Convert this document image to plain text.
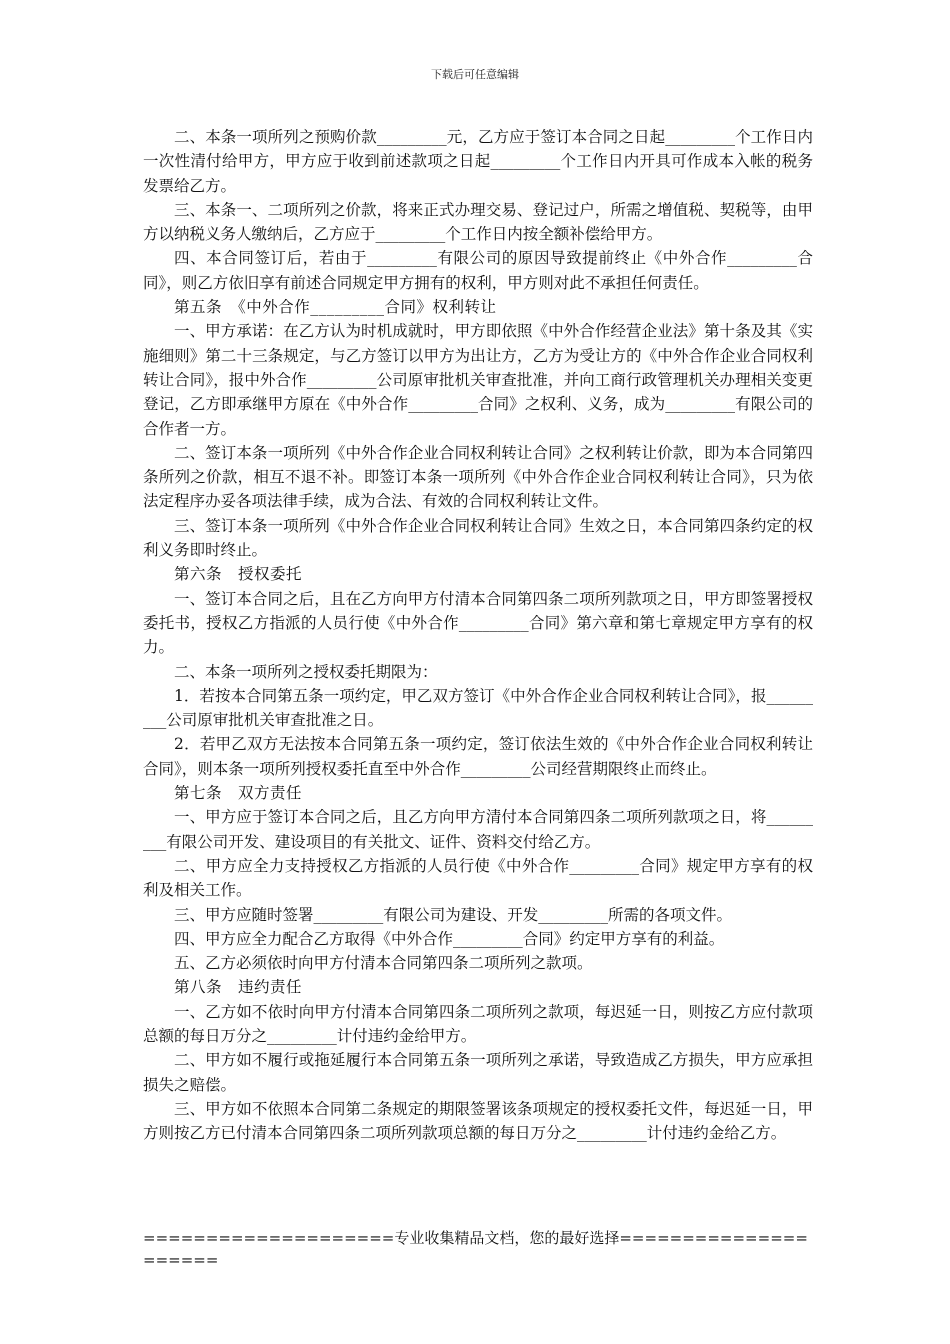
下载后可任意编辑

二、本条一项所列之预购价款_________元，乙方应于签订本合同之日起_________个工作日内一次性清付给甲方，甲方应于收到前述款项之日起_________个工作日内开具可作成本入帐的税务发票给乙方。

三、本条一、二项所列之价款，将来正式办理交易、登记过户，所需之增值税、契税等，由甲方以纳税义务人缴纳后，乙方应于_________个工作日内按全额补偿给甲方。

四、本合同签订后，若由于_________有限公司的原因导致提前终止《中外合作_________合同》，则乙方依旧享有前述合同规定甲方拥有的权利，甲方则对此不承担任何责任。

第五条　《中外合作_________合同》权利转让

一、甲方承诺：在乙方认为时机成就时，甲方即依照《中外合作经营企业法》第十条及其《实施细则》第二十三条规定，与乙方签订以甲方为出让方，乙方为受让方的《中外合作企业合同权利转让合同》，报中外合作_________公司原审批机关审查批准，并向工商行政管理机关办理相关变更登记，乙方即承继甲方原在《中外合作_________合同》之权利、义务，成为_________有限公司的合作者一方。

二、签订本条一项所列《中外合作企业合同权利转让合同》之权利转让价款，即为本合同第四条所列之价款，相互不退不补。即签订本条一项所列《中外合作企业合同权利转让合同》，只为依法定程序办妥各项法律手续，成为合法、有效的合同权利转让文件。

三、签订本条一项所列《中外合作企业合同权利转让合同》生效之日，本合同第四条约定的权利义务即时终止。

第六条　授权委托

一、签订本合同之后，且在乙方向甲方付清本合同第四条二项所列款项之日，甲方即签署授权委托书，授权乙方指派的人员行使《中外合作_________合同》第六章和第七章规定甲方享有的权力。

二、本条一项所列之授权委托期限为：

1．若按本合同第五条一项约定，甲乙双方签订《中外合作企业合同权利转让合同》，报_________公司原审批机关审查批准之日。

2．若甲乙双方无法按本合同第五条一项约定，签订依法生效的《中外合作企业合同权利转让合同》，则本条一项所列授权委托直至中外合作_________公司经营期限终止而终止。

第七条　双方责任

一、甲方应于签订本合同之后，且乙方向甲方清付本合同第四条二项所列款项之日，将_________有限公司开发、建设项目的有关批文、证件、资料交付给乙方。

二、甲方应全力支持授权乙方指派的人员行使《中外合作_________合同》规定甲方享有的权利及相关工作。

三、甲方应随时签署_________有限公司为建设、开发_________所需的各项文件。

四、甲方应全力配合乙方取得《中外合作_________合同》约定甲方享有的利益。

五、乙方必须依时向甲方付清本合同第四条二项所列之款项。

第八条　违约责任

一、乙方如不依时向甲方付清本合同第四条二项所列之款项，每迟延一日，则按乙方应付款项总额的每日万分之_________计付违约金给甲方。

二、甲方如不履行或拖延履行本合同第五条一项所列之承诺，导致造成乙方损失，甲方应承担损失之赔偿。

三、甲方如不依照本合同第二条规定的期限签署该条项规定的授权委托文件，每迟延一日，甲方则按乙方已付清本合同第四条二项所列款项总额的每日万分之_________计付违约金给乙方。

====================专业收集精品文档，您的最好选择=====================
